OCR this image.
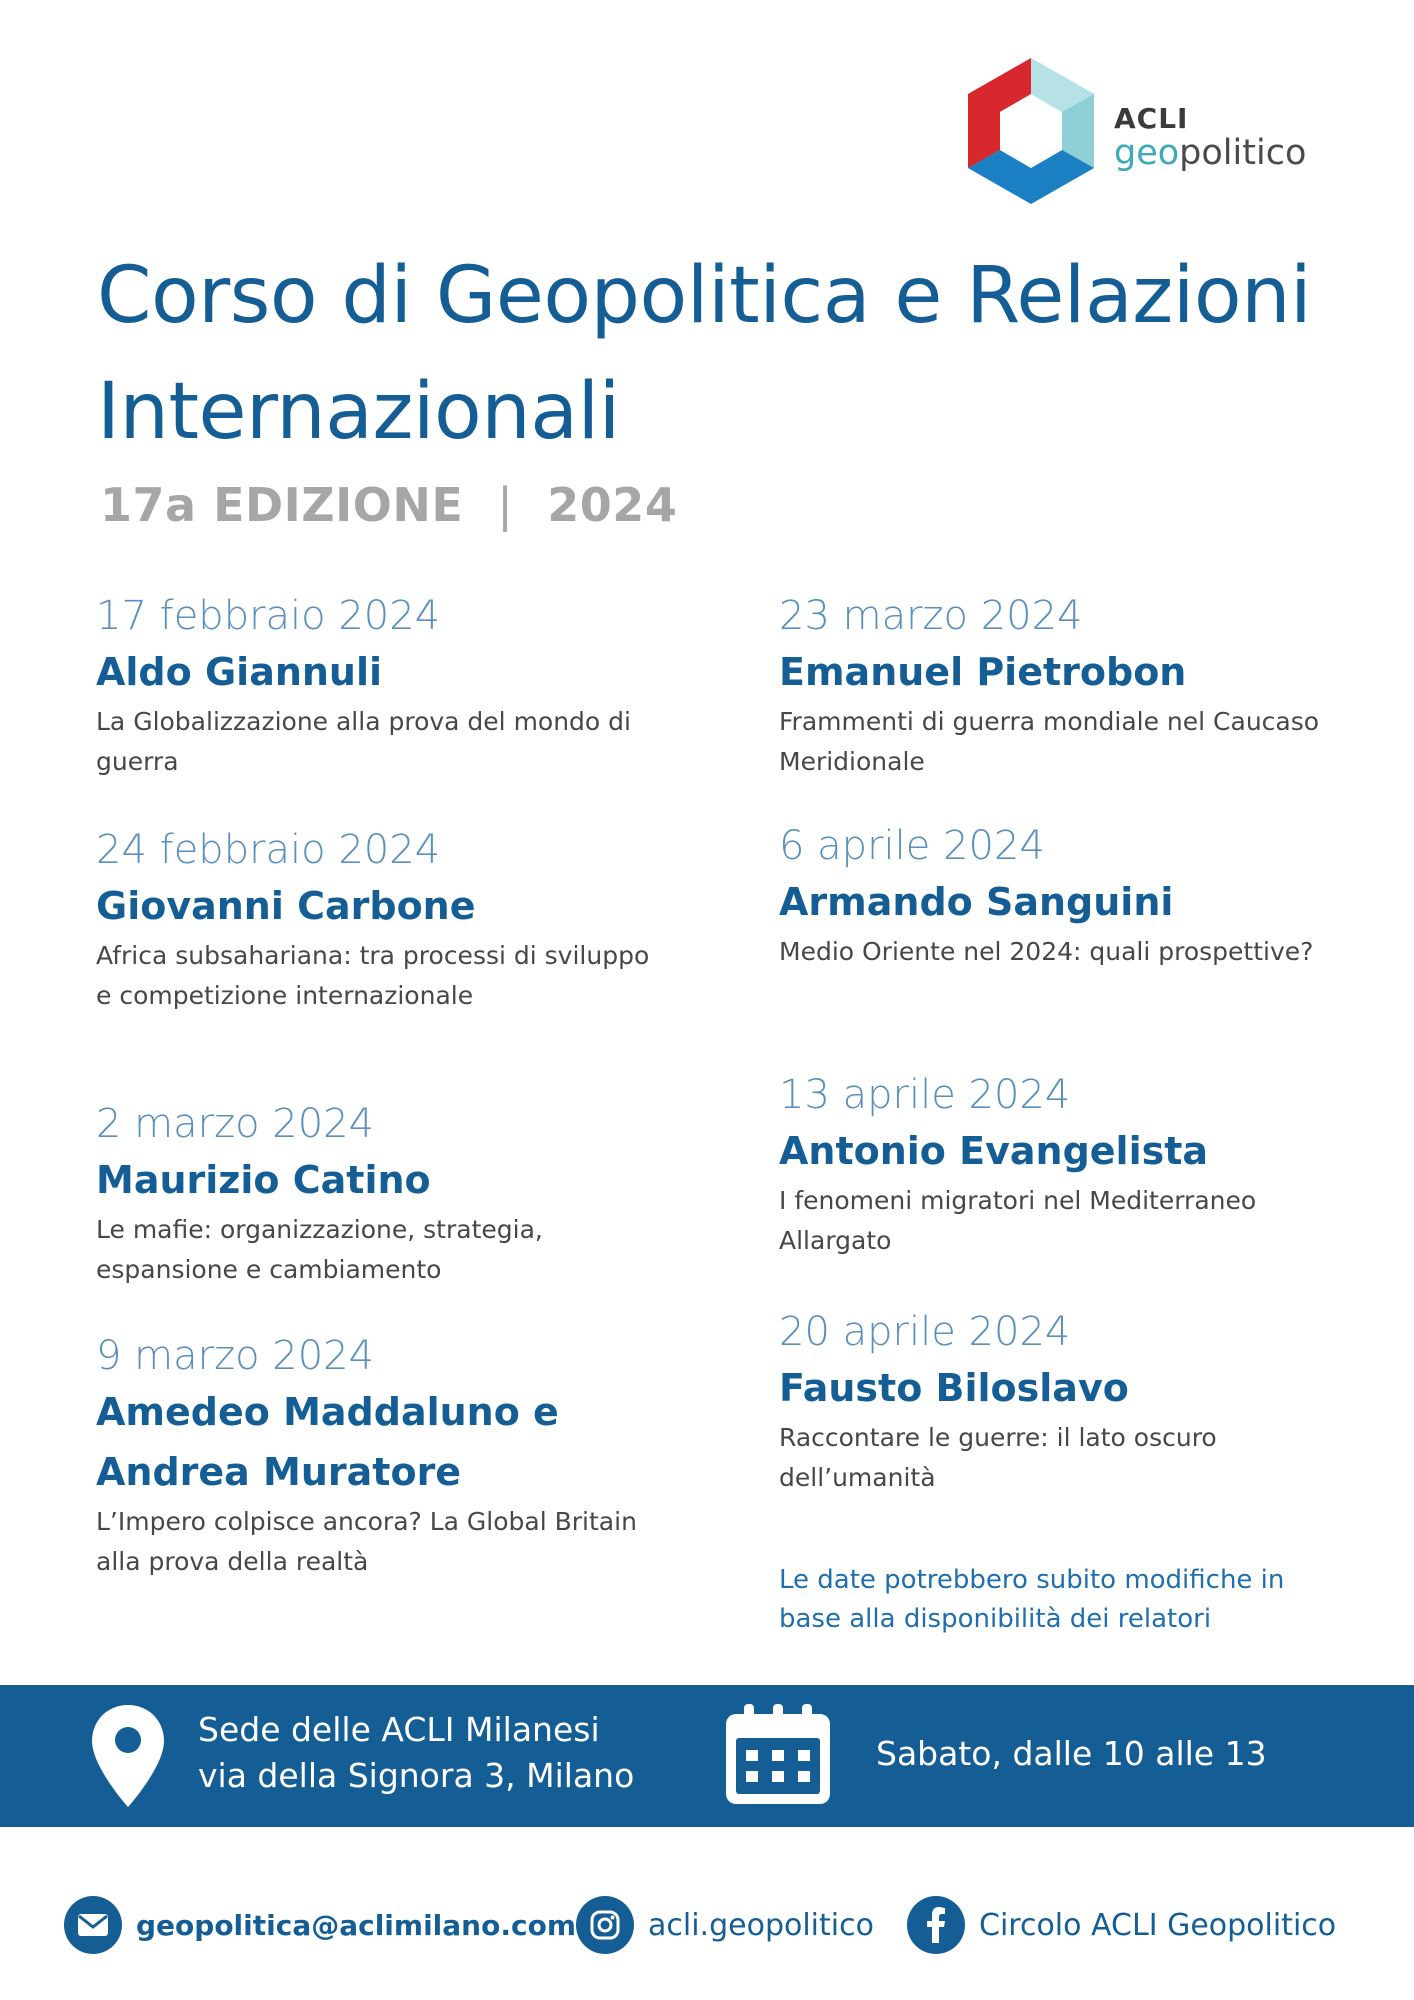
ACLI
geopolitico
Corso di Geopolitica e Relazioni Internazionali
17a EDIZIONE | 2024
17 febbraio 2024
Aldo Giannuli
La Globalizzazione alla prova del mondo di guerra
24 febbraio 2024
Giovanni Carbone
Africa subsahariana: tra processi di sviluppo e competizione internazionale
2 marzo 2024
Maurizio Catino
Le mafie: organizzazione, strategia, espansione e cambiamento
9 marzo 2024
Amedeo Maddaluno e Andrea Muratore
L’Impero colpisce ancora? La Global Britain alla prova della realtà
23 marzo 2024
Emanuel Pietrobon
Frammenti di guerra mondiale nel Caucaso Meridionale
6 aprile 2024
Armando Sanguini
Medio Oriente nel 2024: quali prospettive?
13 aprile 2024
Antonio Evangelista
I fenomeni migratori nel Mediterraneo Allargato
20 aprile 2024
Fausto Biloslavo
Raccontare le guerre: il lato oscuro dell’umanità
Le date potrebbero subito modifiche in base alla disponibilità dei relatori
Sede delle ACLI Milanesi
via della Signora 3, Milano
Sabato, dalle 10 alle 13
geopolitica@aclimilano.com acli.geopolitico	Circolo ACLI Geopolitico
